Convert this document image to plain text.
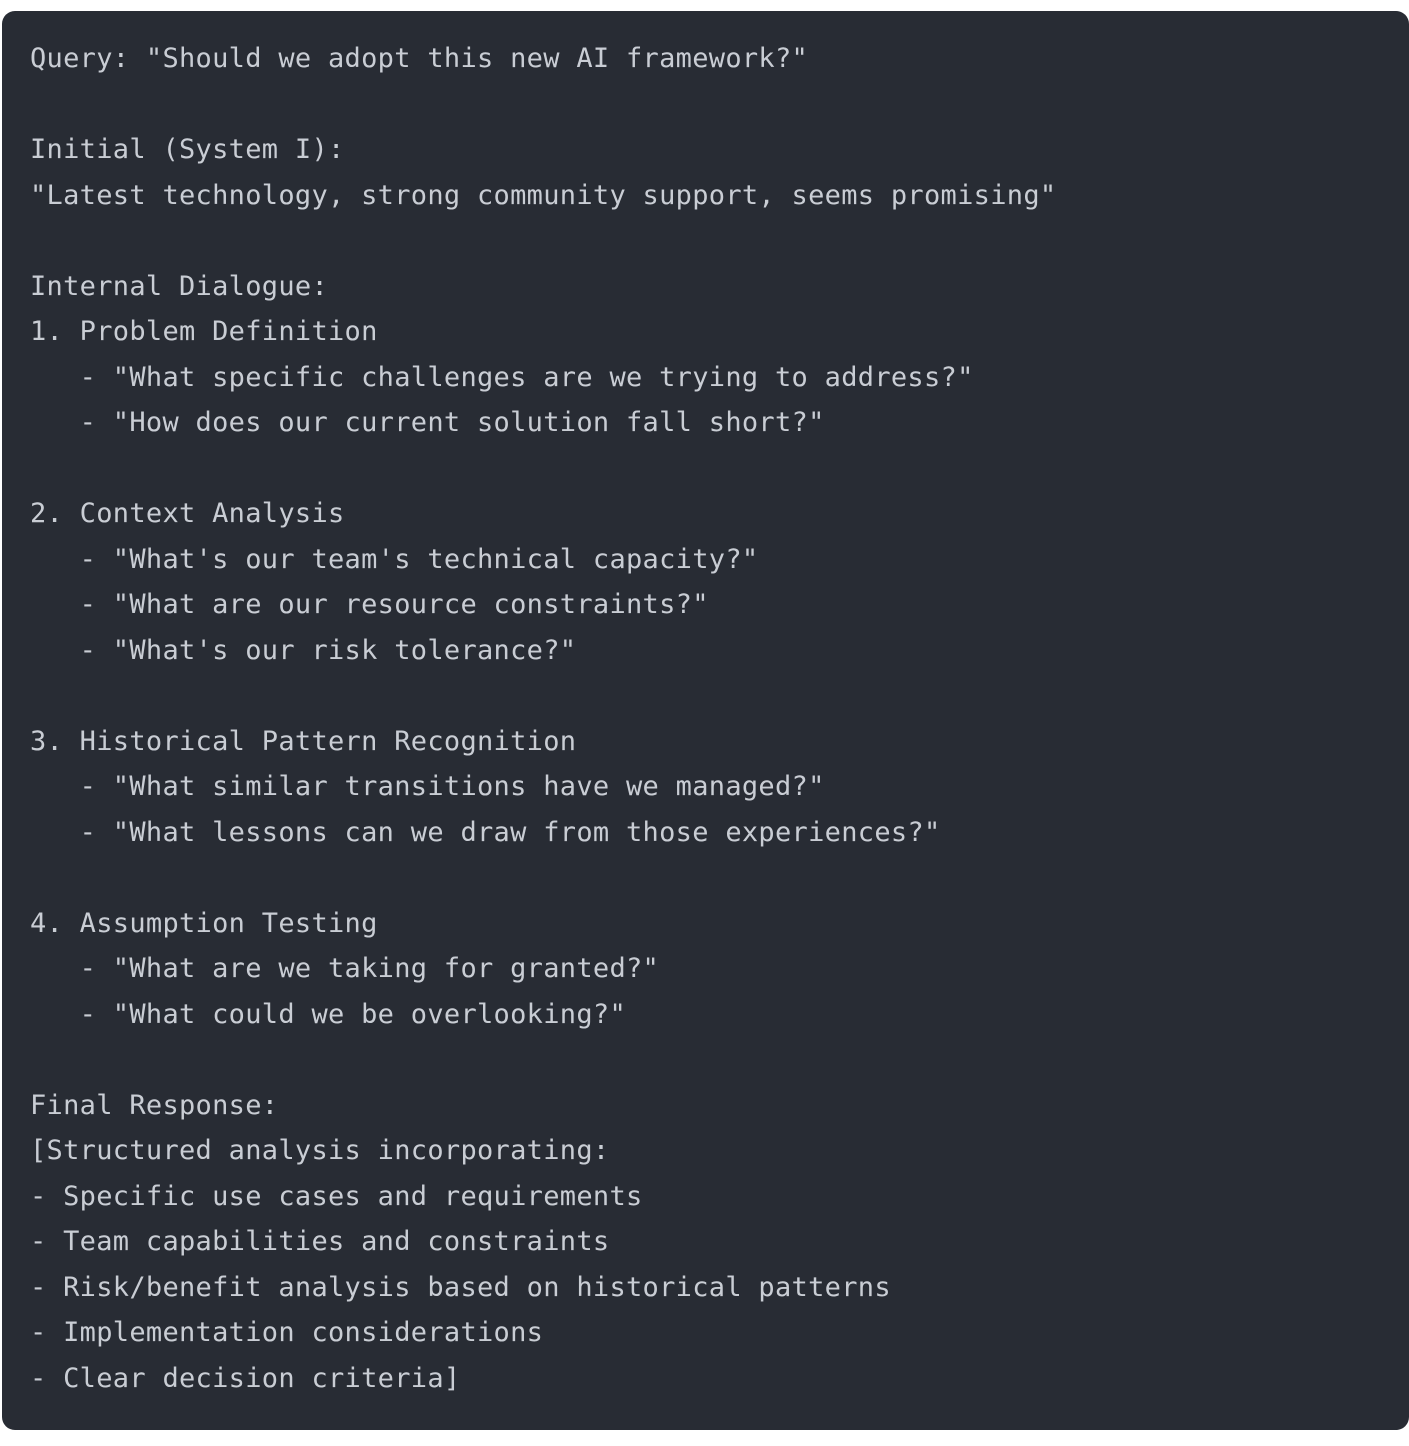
Query: "Should we adopt this new AI framework?"
Initial (System I):
"Latest technology, strong community support, seems promising"
Internal Dialogue:
1. Problem Definition
- "What specific challenges are we trying to address?"
- "How does our current solution fall short?"
2. Context Analysis
- "What's our team's technical capacity?"
- "What are our resource constraints?"
- "What's our risk tolerance?"
3. Historical Pattern Recognition
- "What similar transitions have we managed?"
- "What lessons can we draw from those experiences?"
4. Assumption Testing
- "What are we taking for granted?"
- "What could we be overlooking?"
Final Response:
[Structured analysis incorporating:
- Specific use cases and requirements
- Team capabilities and constraints
- Risk/benefit analysis based on historical patterns
- Implementation considerations
- Clear decision criteria]
